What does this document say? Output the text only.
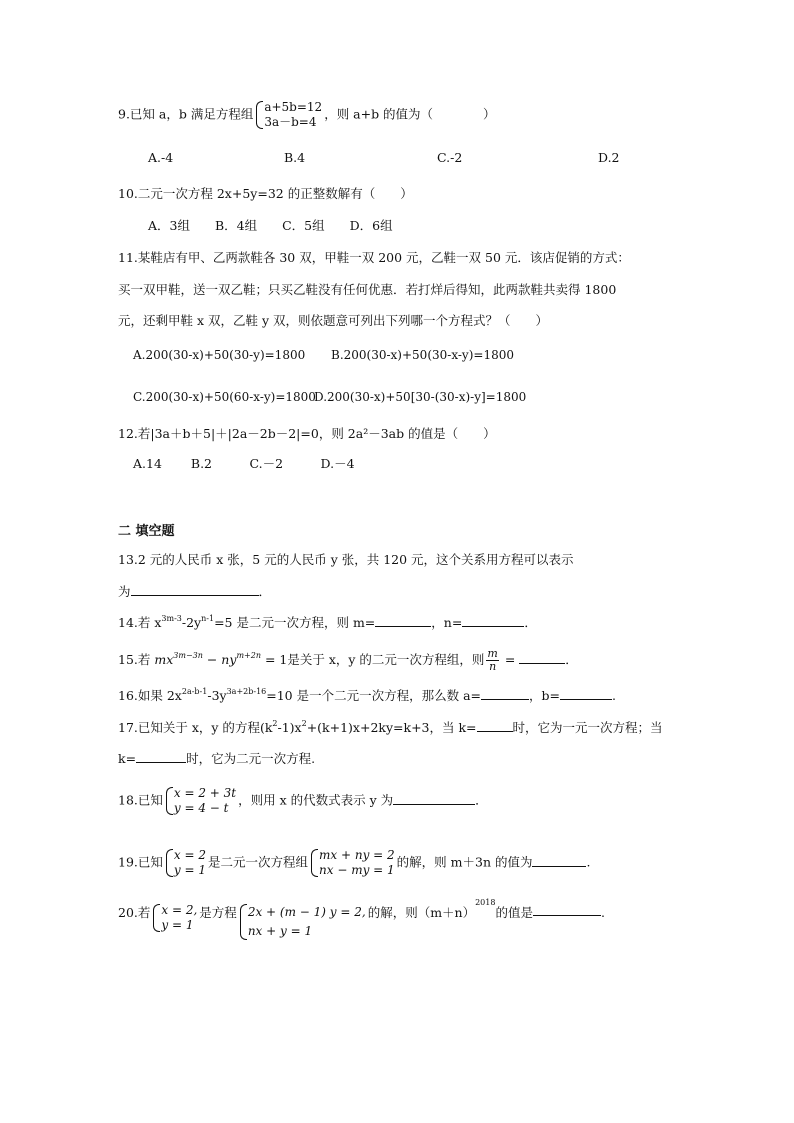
9.已知 a，b 满足方程组 a+5b=12
3a－b=4
，则 a+b 的值为（　　　　）
A.-4	B.4	C.-2	D.2
10.二元一次方程 2x+5y=32 的正整数解有（　　）
A．3组　　B．4组　　C．5组　　D．6组
11.某鞋店有甲、乙两款鞋各 30 双，甲鞋一双 200 元，乙鞋一双 50 元．该店促销的方式：
买一双甲鞋，送一双乙鞋；只买乙鞋没有任何优惠．若打烊后得知，此两款鞋共卖得 1800
元，还剩甲鞋 x 双，乙鞋 y 双，则依题意可列出下列哪一个方程式？（　　）
A.200(30-x)+50(30-y)=1800 B.200(30-x)+50(30-x-y)=1800
C.200(30-x)+50(60-x-y)=1800
D.200(30-x)+50[30-(30-x)-y]=1800
12.若|3a＋b＋5|＋|2a－2b－2|=0，则 2a²－3ab 的值是（　　）
A.14　　 B.2　　　C.－2　　　D.－4
二 填空题
13.2 元的人民币 x 张，5 元的人民币 y 张，共 120 元，这个关系用方程可以表示
为	．
14.若 $x^{3m-3}-2y^{n-1}=5$ 是二元一次方程，则 m=	，n=	．
15.若 $mx^{3m-3n} - ny^{m+2n} = 1$是关于 x，y 的二元一次方程组，则 $\frac{m}{n}$ =	．
16.如果 $2x^{2a-b-1}-3y^{3a+2b-16}=10$ 是一个二元一次方程，那么数 a=	，b=	.
17.已知关于 x，y 的方程$(k^2-1)x^2+(k+1)x+2ky=k+3$，当 k=	时，它为一元一次方程；当
k=	时，它为二元一次方程.
18.已知 x = 2 + 3t
y = 4 − t
，则用 x 的代数式表示 y 为	．
19.已知 x = 2
y = 1
是二元一次方程组 mx + ny = 2
nx − my = 1
的解，则 m＋3n 的值为	.
20.若 x = 2,
y = 1
是方程 2x + (m − 1) y = 2,
nx + y = 1
的解，则$(m+n)^{2018}$的值是	.
